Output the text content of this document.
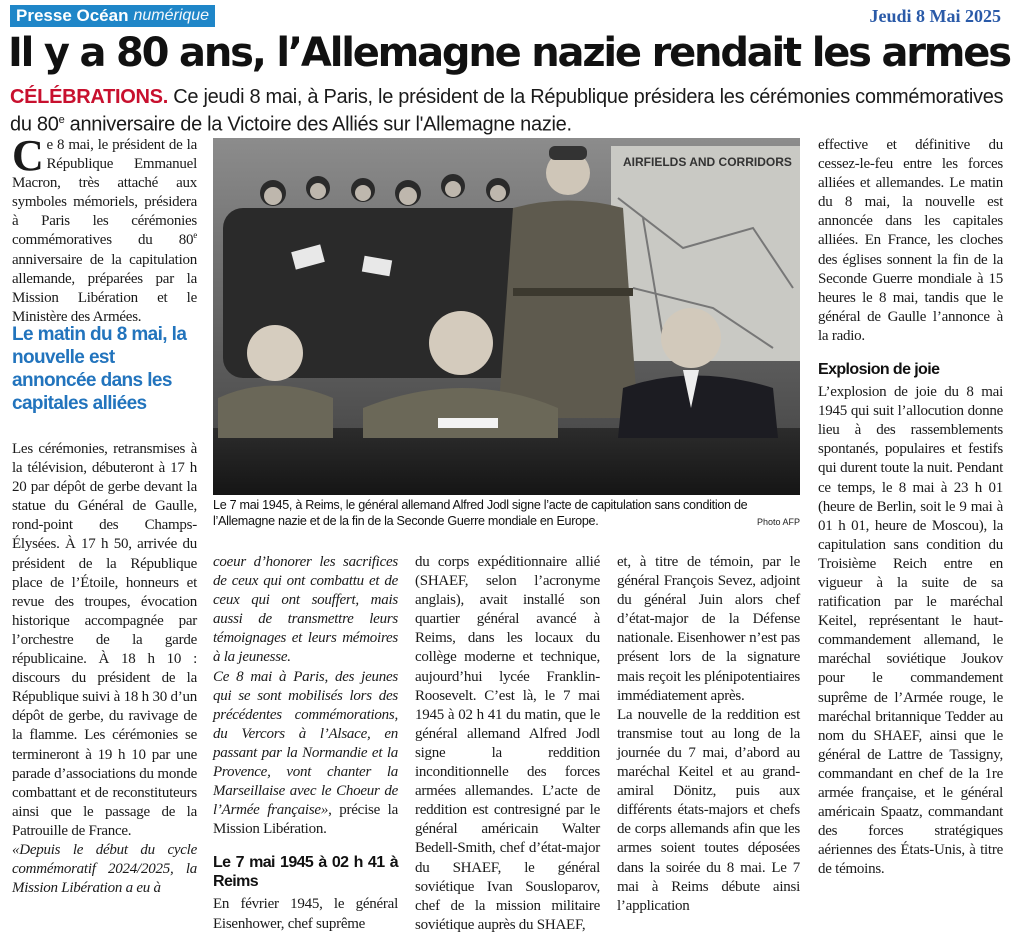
Presse Océan numérique	Jeudi 8 Mai 2025
Il y a 80 ans, l’Allemagne nazie rendait les armes

CÉLÉBRATIONS. Ce jeudi 8 mai, à Paris, le président de la République présidera les cérémonies commémoratives du 80e anniversaire de la Victoire des Alliés sur l'Allemagne nazie.

Ce 8 mai, le président de la République Emmanuel Macron, très attaché aux symboles mémoriels, présidera à Paris les cérémonies commémoratives du 80e anniversaire de la capitulation allemande, préparées par la Mission Libération et le Ministère des Armées.

Le matin du 8 mai, la nouvelle est annoncée dans les capitales alliées

Les cérémonies, retransmises à la télévision, débuteront à 17 h 20 par dépôt de gerbe devant la statue du Général de Gaulle, rond-point des Champs-Élysées. À 17 h 50, arrivée du président de la République place de l’Étoile, honneurs et revue des troupes, évocation historique accompagnée par l’orchestre de la garde républicaine. À 18 h 10 : discours du président de la République suivi à 18 h 30 d’un dépôt de gerbe, du ravivage de la flamme. Les cérémonies se termineront à 19 h 10 par une parade d’associations du monde combattant et de reconstituteurs ainsi que le passage de la Patrouille de France.

«Depuis le début du cycle commémoratif 2024/2025, la Mission Libération a eu à

AIRFIELDS AND CORRIDORS

Le 7 mai 1945, à Reims, le général allemand Alfred Jodl signe l’acte de capitulation sans condition de l’Allemagne nazie et de la fin de la Seconde Guerre mondiale en Europe.	Photo AFP

coeur d’honorer les sacrifices de ceux qui ont combattu et de ceux qui ont souffert, mais aussi de transmettre leurs témoignages et leurs mémoires à la jeunesse.

Ce 8 mai à Paris, des jeunes qui se sont mobilisés lors des précédentes commémorations, du Vercors à l’Alsace, en passant par la Normandie et la Provence, vont chanter la Marseillaise avec le Choeur de l’Armée française», précise la Mission Libération.

Le 7 mai 1945 à 02 h 41 à Reims

En février 1945, le général Eisenhower, chef suprême

du corps expéditionnaire allié (SHAEF, selon l’acronyme anglais), avait installé son quartier général avancé à Reims, dans les locaux du collège moderne et technique, aujourd’hui lycée Franklin-Roosevelt. C’est là, le 7 mai 1945 à 02 h 41 du matin, que le général allemand Alfred Jodl signe la reddition inconditionnelle des forces armées allemandes. L’acte de reddition est contresigné par le général américain Walter Bedell-Smith, chef d’état-major du SHAEF, le général soviétique Ivan Sousloparov, chef de la mission militaire soviétique auprès du SHAEF,

et, à titre de témoin, par le général François Sevez, adjoint du général Juin alors chef d’état-major de la Défense nationale. Eisenhower n’est pas présent lors de la signature mais reçoit les plénipotentiaires immédiatement après.

La nouvelle de la reddition est transmise tout au long de la journée du 7 mai, d’abord au maréchal Keitel et au grand-amiral Dönitz, puis aux différents états-majors et chefs de corps allemands afin que les armes soient toutes déposées dans la soirée du 8 mai. Le 7 mai à Reims débute ainsi l’application

effective et définitive du cessez-le-feu entre les forces alliées et allemandes. Le matin du 8 mai, la nouvelle est annoncée dans les capitales alliées. En France, les cloches des églises sonnent la fin de la Seconde Guerre mondiale à 15 heures le 8 mai, tandis que le général de Gaulle l’annonce à la radio.

Explosion de joie

L’explosion de joie du 8 mai 1945 qui suit l’allocution donne lieu à des rassemblements spontanés, populaires et festifs qui durent toute la nuit. Pendant ce temps, le 8 mai à 23 h 01 (heure de Berlin, soit le 9 mai à 01 h 01, heure de Moscou), la capitulation sans condition du Troisième Reich entre en vigueur à la suite de sa ratification par le maréchal Keitel, représentant le haut-commandement allemand, le maréchal soviétique Joukov pour le commandement suprême de l’Armée rouge, le maréchal britannique Tedder au nom du SHAEF, ainsi que le général de Lattre de Tassigny, commandant en chef de la 1re armée française, et le général américain Spaatz, commandant des forces stratégiques aériennes des États-Unis, à titre de témoins.
